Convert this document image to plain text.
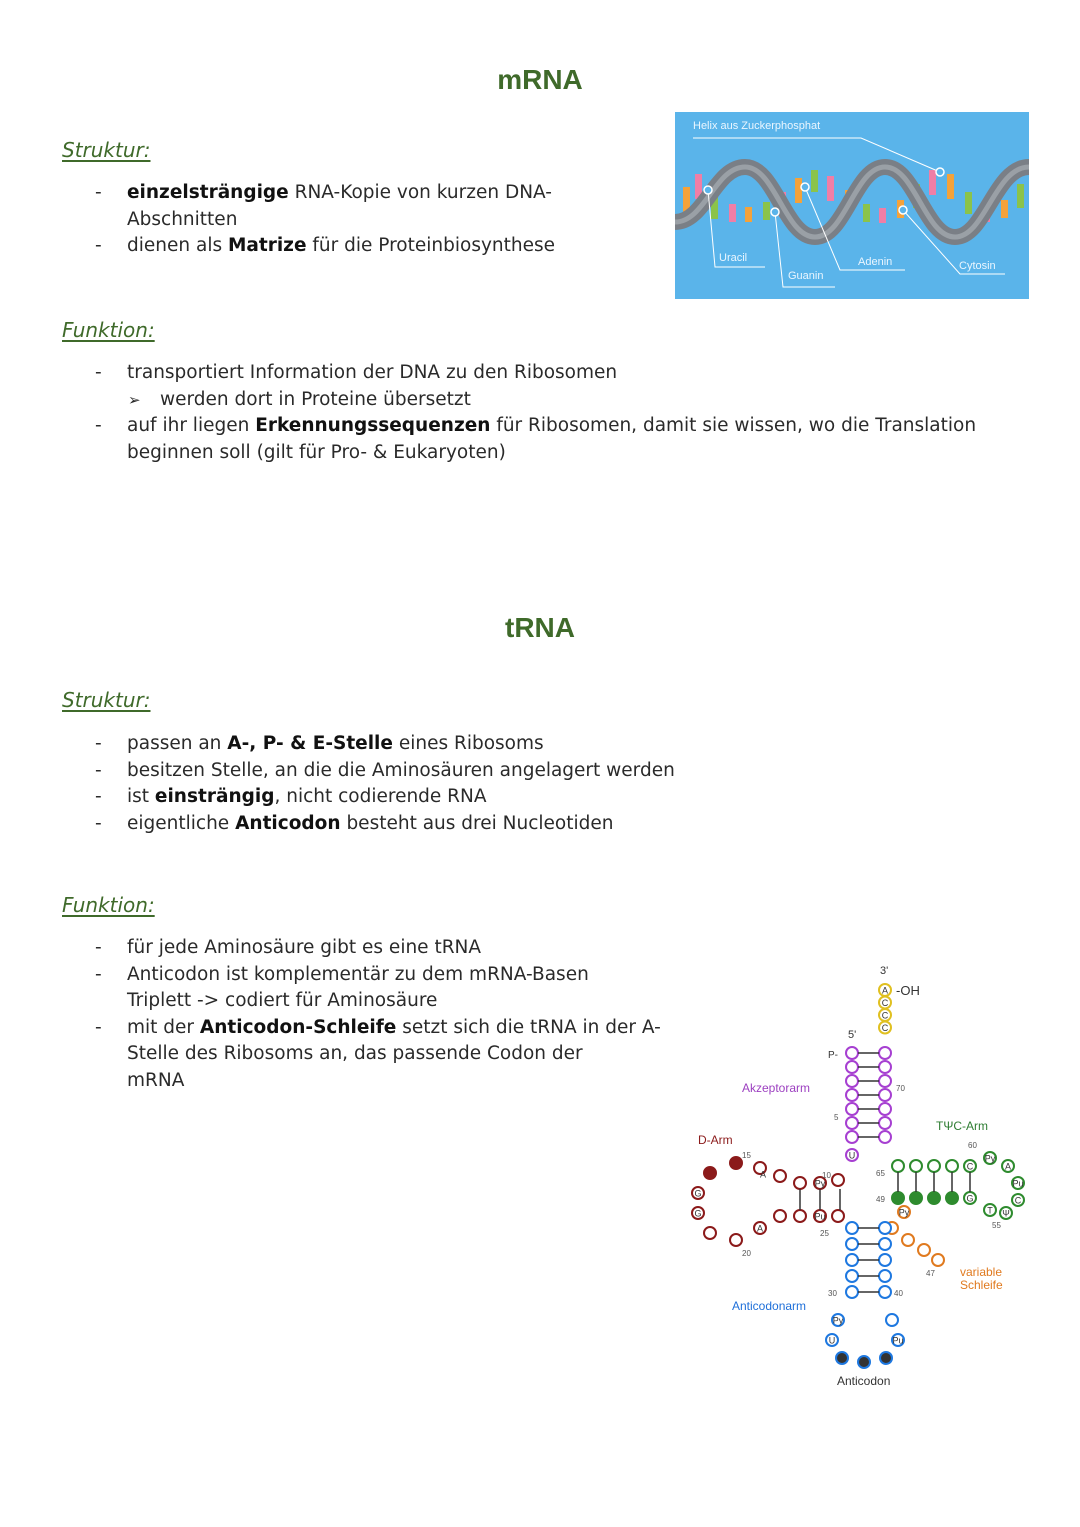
mRNA
Struktur:
- einzelsträngige RNA-Kopie von kurzen DNA-
Abschnitten
- dienen als Matrize für die Proteinbiosynthese
Helix aus Zuckerphosphat
Uracil
Guanin
Adenin	Cytosin
Funktion:
- transportiert Information der DNA zu den Ribosomen
➢ werden dort in Proteine übersetzt
- auf ihr liegen Erkennungssequenzen für Ribosomen, damit sie wissen, wo die Translation
beginnen soll (gilt für Pro- & Eukaryoten)
tRNA
Struktur:
- passen an A-, P- & E-Stelle eines Ribosoms
- besitzen Stelle, an die die Aminosäuren angelagert werden
- ist einsträngig, nicht codierende RNA
- eigentliche Anticodon besteht aus drei Nucleotiden
Funktion:
- für jede Aminosäure gibt es eine tRNA
- Anticodon ist komplementär zu dem mRNA-Basen
Triplett -> codiert für Aminosäure
- mit der Anticodon-Schleife setzt sich die tRNA in der A-
Stelle des Ribosoms an, das passende Codon der
mRNA
3'
-OH
5'
P-
Akzeptorarm
D-Arm
TΨC-Arm
Anticodonarm
variable
Schleife
Anticodon
70
5
10
15
20
25
30	40
47
49
55
60
65
A
C
C
C
U
G
G
A
A
Py
Pu
C
G
A
Pu
C
T Ψ
Py
Py
Py
U	Pu
